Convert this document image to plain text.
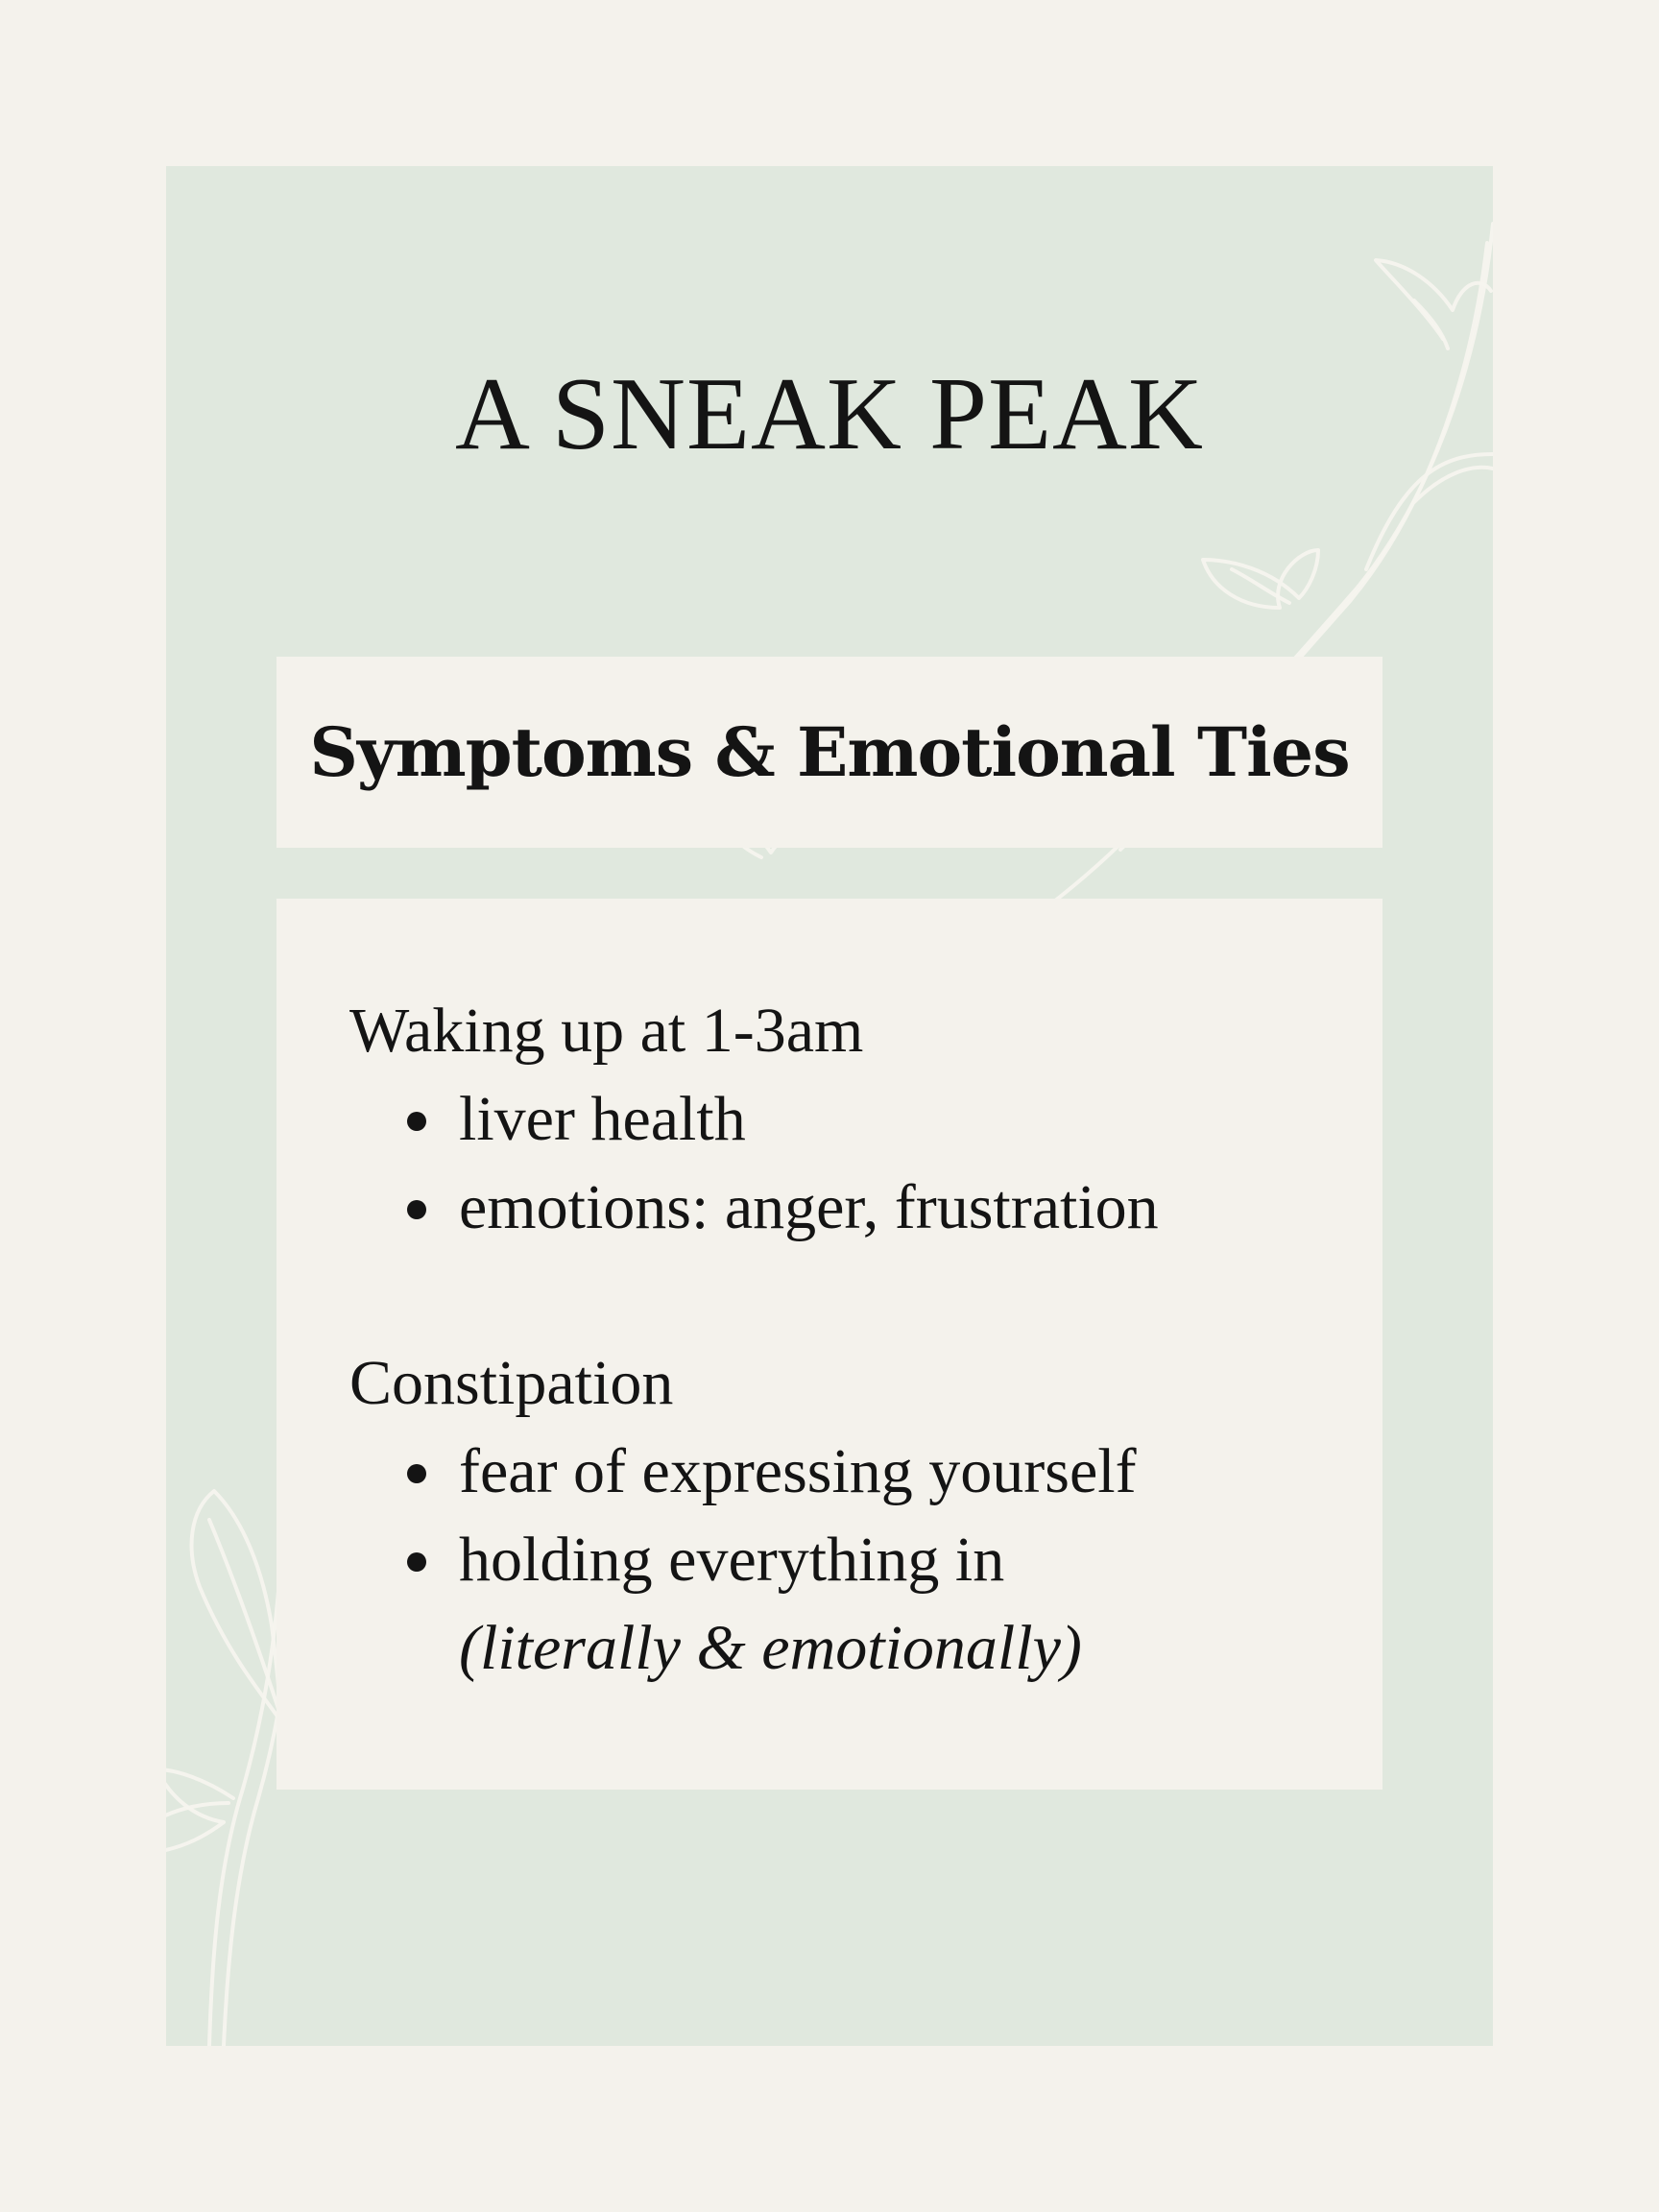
A SNEAK PEAK
Symptoms & Emotional Ties
Waking up at 1-3am
liver health
emotions: anger, frustration
Constipation
fear of expressing yourself
holding everything in
(literally & emotionally)
